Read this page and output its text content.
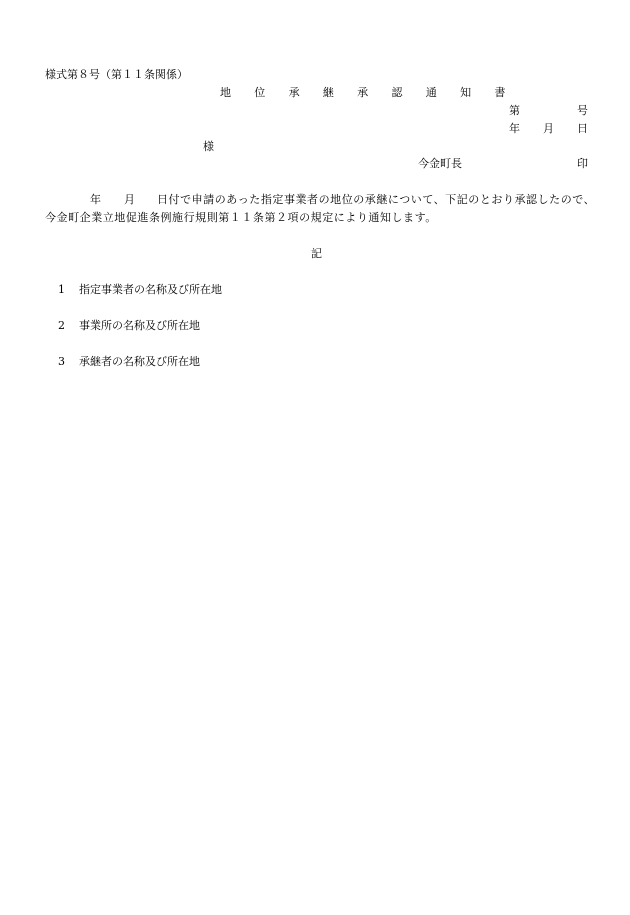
様式第８号（第１１条関係）
地 位 承 継 承 認 通 知 書
第	号
年 月 日
様
今金町長	印
年 月 日付で申請のあった指定事業者の地位の承継について、下記のとおり承認したので、
今金町企業立地促進条例施行規則第１１条第２項の規定により通知します。
記
1 指定事業者の名称及び所在地
2 事業所の名称及び所在地
3 承継者の名称及び所在地
